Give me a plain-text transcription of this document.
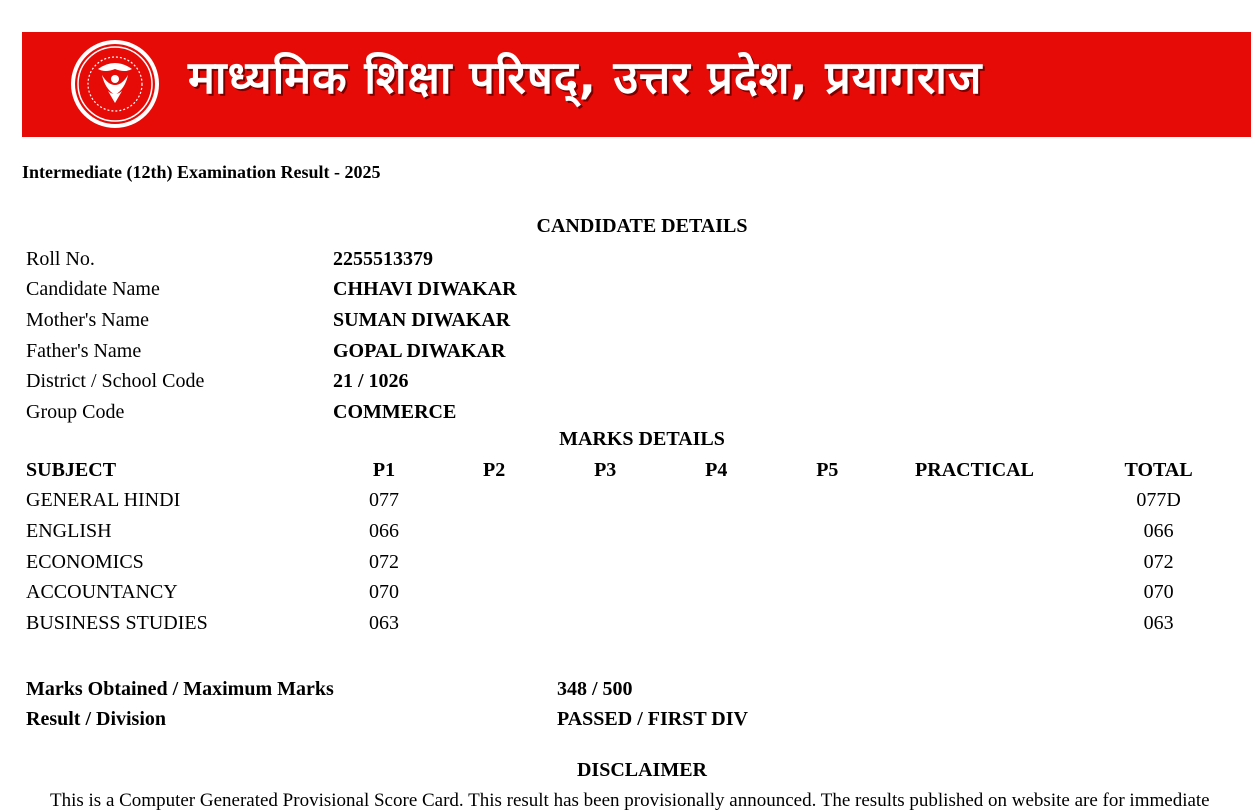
माध्यमिक शिक्षा परिषद्, उत्तर प्रदेश, प्रयागराज
Intermediate (12th) Examination Result - 2025
CANDIDATE DETAILS
Roll No.	2255513379
Candidate Name	CHHAVI DIWAKAR
Mother's Name	SUMAN DIWAKAR
Father's Name	GOPAL DIWAKAR
District / School Code	21 / 1026
Group Code	COMMERCE
MARKS DETAILS
SUBJECT	P1	P2	P3	P4	P5	PRACTICAL	TOTAL
GENERAL HINDI	077						077D
ENGLISH	066						066
ECONOMICS	072						072
ACCOUNTANCY	070						070
BUSINESS STUDIES	063						063
Marks Obtained / Maximum Marks	348 / 500
Result / Division	PASSED / FIRST DIV
DISCLAIMER
This is a Computer Generated Provisional Score Card. This result has been provisionally announced. The results published on website are for immediate
